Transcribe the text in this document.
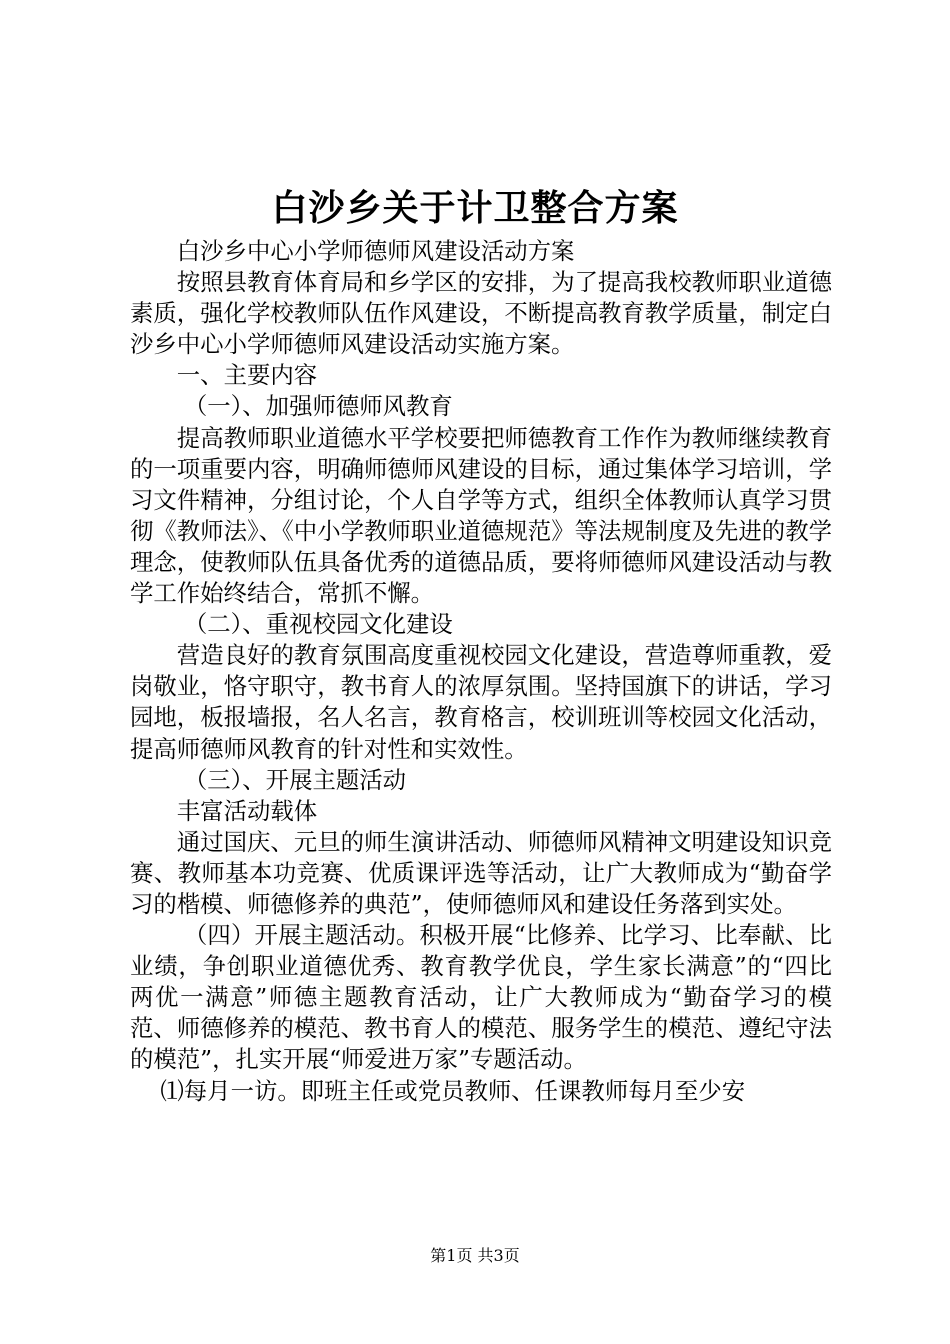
白沙乡关于计卫整合方案

白沙乡中心小学师德师风建设活动方案

按照县教育体育局和乡学区的安排，为了提高我校教师职业道德素质，强化学校教师队伍作风建设，不断提高教育教学质量，制定白沙乡中心小学师德师风建设活动实施方案。

一、主要内容

（一）、加强师德师风教育

提高教师职业道德水平学校要把师德教育工作作为教师继续教育的一项重要内容，明确师德师风建设的目标，通过集体学习培训，学习文件精神，分组讨论，个人自学等方式，组织全体教师认真学习贯彻《教师法》、《中小学教师职业道德规范》等法规制度及先进的教学理念，使教师队伍具备优秀的道德品质，要将师德师风建设活动与教学工作始终结合，常抓不懈。

（二）、重视校园文化建设

营造良好的教育氛围高度重视校园文化建设，营造尊师重教，爱岗敬业，恪守职守，教书育人的浓厚氛围。坚持国旗下的讲话，学习园地，板报墙报，名人名言，教育格言，校训班训等校园文化活动，提高师德师风教育的针对性和实效性。

（三）、开展主题活动

丰富活动载体

通过国庆、元旦的师生演讲活动、师德师风精神文明建设知识竞赛、教师基本功竞赛、优质课评选等活动，让广大教师成为“勤奋学习的楷模、师德修养的典范”，使师德师风和建设任务落到实处。

（四）开展主题活动。积极开展“比修养、比学习、比奉献、比业绩，争创职业道德优秀、教育教学优良，学生家长满意”的“四比两优一满意”师德主题教育活动，让广大教师成为“勤奋学习的模范、师德修养的模范、教书育人的模范、服务学生的模范、遵纪守法的模范”，扎实开展“师爱进万家”专题活动。

⑴每月一访。即班主任或党员教师、任课教师每月至少安

第1页 共3页
